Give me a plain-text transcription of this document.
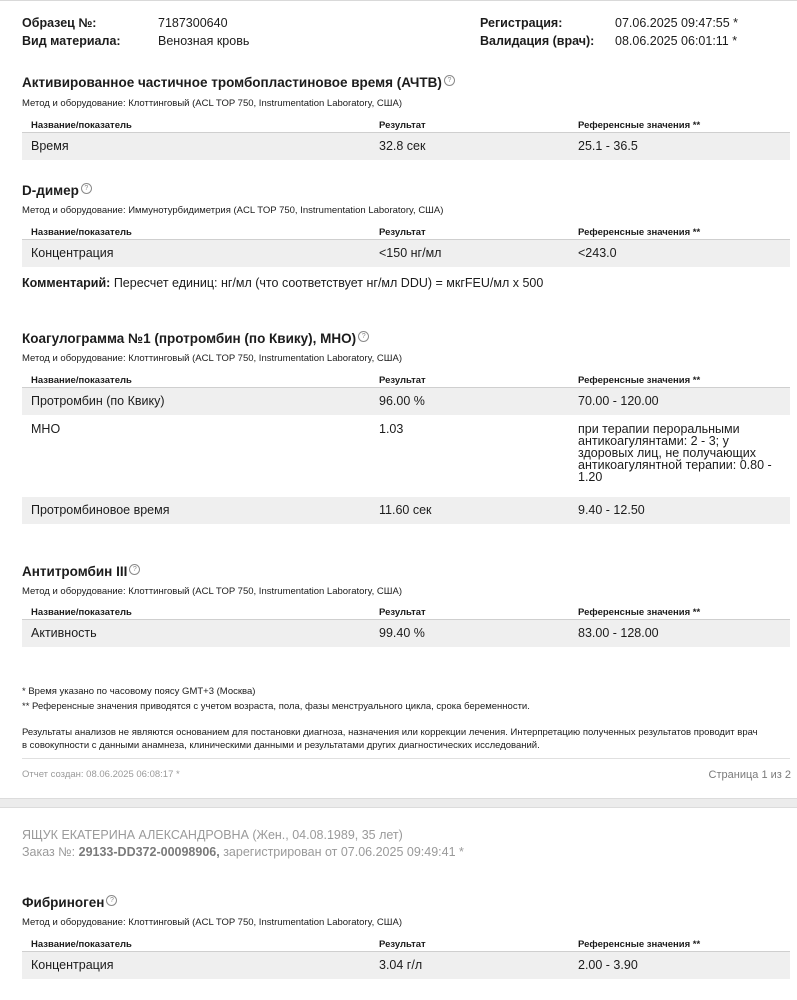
Образец №:	7187300640
Вид материала:	Венозная кровь
Регистрация:	07.06.2025 09:47:55 *
Валидация (врач): 08.06.2025 06:01:11 *
Активированное частичное тромбопластиновое время (АЧТВ) ?
Метод и оборудование: Клоттинговый (ACL TOP 750, Instrumentation Laboratory, США)
Название/показатель	Результат	Референсные значения **
Время	32.8 сек	25.1 - 36.5
D-димер ?
Метод и оборудование: Иммунотурбидиметрия (ACL TOP 750, Instrumentation Laboratory, США)
Название/показатель	Результат	Референсные значения **
Концентрация	<150 нг/мл	<243.0
Комментарий: Пересчет единиц: нг/мл (что соответствует нг/мл DDU) = мкгFEU/мл x 500
Коагулограмма №1 (протромбин (по Квику), МНО) ?
Метод и оборудование: Клоттинговый (ACL TOP 750, Instrumentation Laboratory, США)
Название/показатель	Результат	Референсные значения **
Протромбин (по Квику)	96.00 %	70.00 - 120.00
МНО	1.03	при терапии пероральными антикоагулянтами: 2 - 3; у здоровых лиц, не получающих антикоагулянтной терапии: 0.80 - 1.20
Протромбиновое время	11.60 сек	9.40 - 12.50
Антитромбин III ?
Метод и оборудование: Клоттинговый (ACL TOP 750, Instrumentation Laboratory, США)
Название/показатель	Результат	Референсные значения **
Активность	99.40 %	83.00 - 128.00
* Время указано по часовому поясу GMT+3 (Москва)
** Референсные значения приводятся с учетом возраста, пола, фазы менструального цикла, срока беременности.
Результаты анализов не являются основанием для постановки диагноза, назначения или коррекции лечения. Интерпретацию полученных результатов проводит врач
в совокупности с данными анамнеза, клиническими данными и результатами других диагностических исследований.
Отчет создан: 08.06.2025 06:08:17 *	Страница 1 из 2
ЯЩУК ЕКАТЕРИНА АЛЕКСАНДРОВНА (Жен., 04.08.1989, 35 лет)
Заказ №: 29133-DD372-00098906, зарегистрирован от 07.06.2025 09:49:41 *
Фибриноген ?
Метод и оборудование: Клоттинговый (ACL TOP 750, Instrumentation Laboratory, США)
Название/показатель	Результат	Референсные значения **
Концентрация	3.04 г/л	2.00 - 3.90
